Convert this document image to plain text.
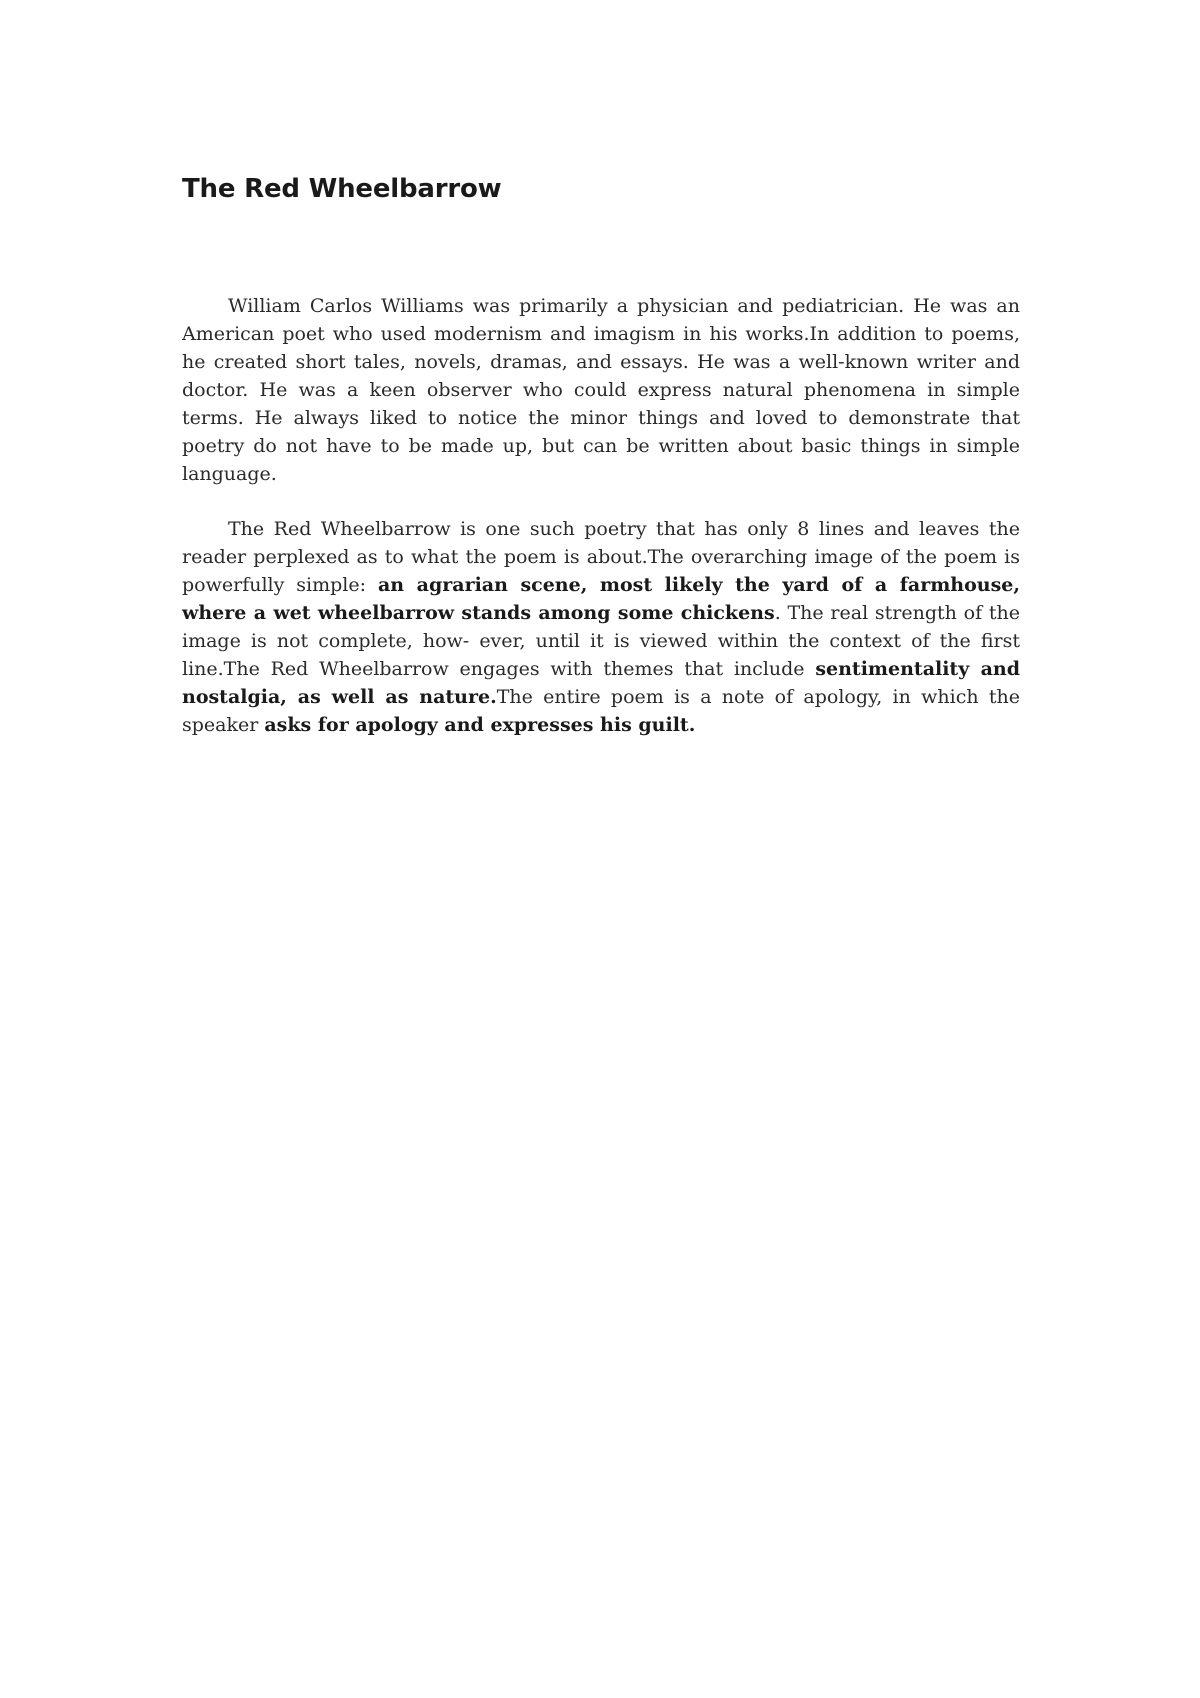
The Red Wheelbarrow

William Carlos Williams was primarily a physician and pediatrician. He was an American poet who used modernism and imagism in his works.In addition to poems, he created short tales, novels, dramas, and essays. He was a well-known writer and doctor. He was a keen observer who could express natural phenomena in simple terms. He always liked to notice the minor things and loved to demonstrate that poetry do not have to be made up, but can be written about basic things in simple language.

The Red Wheelbarrow is one such poetry that has only 8 lines and leaves the reader perplexed as to what the poem is about.The overarching image of the poem is powerfully simple: an agrarian scene, most likely the yard of a farmhouse, where a wet wheelbarrow stands among some chickens. The real strength of the image is not complete, how- ever, until it is viewed within the context of the first line.The Red Wheelbarrow engages with themes that include sentimentality and nostalgia, as well as nature.The entire poem is a note of apology, in which the speaker asks for apology and expresses his guilt.
